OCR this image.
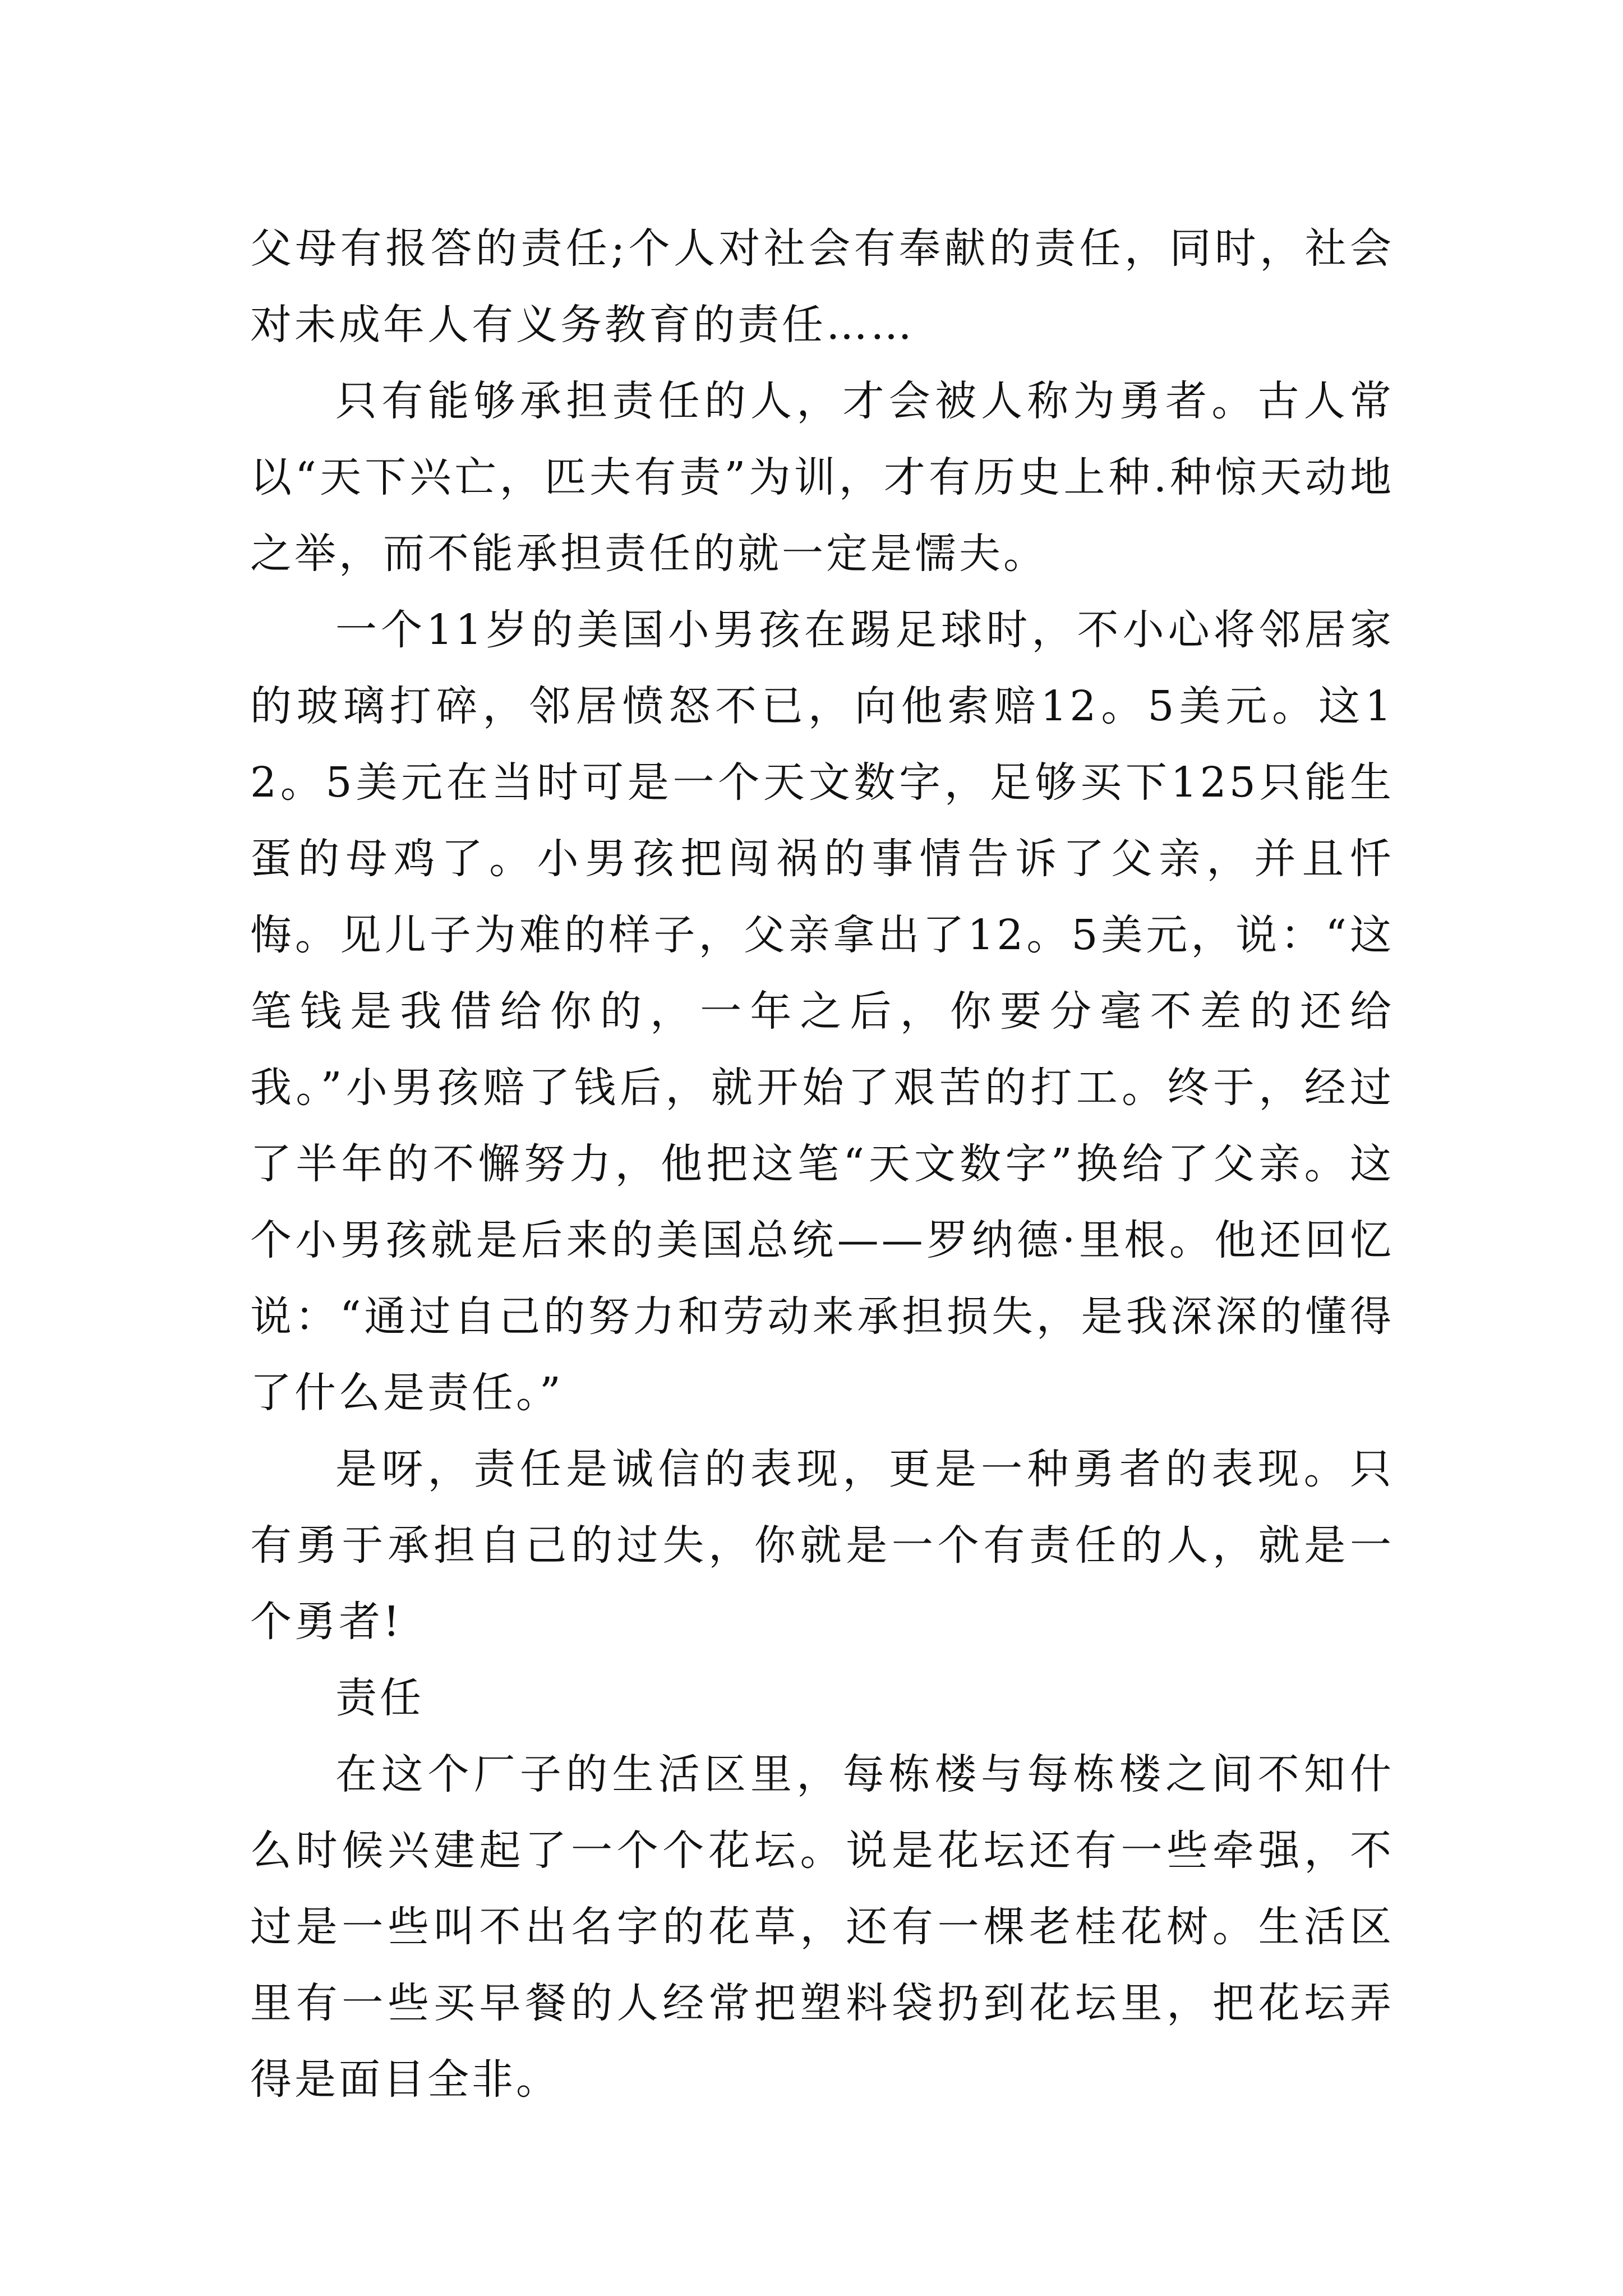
父母有报答的责任;个人对社会有奉献的责任，同时，社会对未成年人有义务教育的责任……

只有能够承担责任的人，才会被人称为勇者。古人常以“天下兴亡，匹夫有责”为训，才有历史上种.种惊天动地之举，而不能承担责任的就一定是懦夫。

一个11岁的美国小男孩在踢足球时，不小心将邻居家的玻璃打碎，邻居愤怒不已，向他索赔12。5美元。这12。5美元在当时可是一个天文数字，足够买下125只能生蛋的母鸡了。小男孩把闯祸的事情告诉了父亲，并且忏悔。见儿子为难的样子，父亲拿出了12。5美元，说：“这笔钱是我借给你的，一年之后，你要分毫不差的还给我。”小男孩赔了钱后，就开始了艰苦的打工。终于，经过了半年的不懈努力，他把这笔“天文数字”换给了父亲。这个小男孩就是后来的美国总统——罗纳德·里根。他还回忆说：“通过自己的努力和劳动来承担损失，是我深深的懂得了什么是责任。”

是呀，责任是诚信的表现，更是一种勇者的表现。只有勇于承担自己的过失，你就是一个有责任的人，就是一个勇者!

责任

在这个厂子的生活区里，每栋楼与每栋楼之间不知什么时候兴建起了一个个花坛。说是花坛还有一些牵强，不过是一些叫不出名字的花草，还有一棵老桂花树。生活区里有一些买早餐的人经常把塑料袋扔到花坛里，把花坛弄得是面目全非。
